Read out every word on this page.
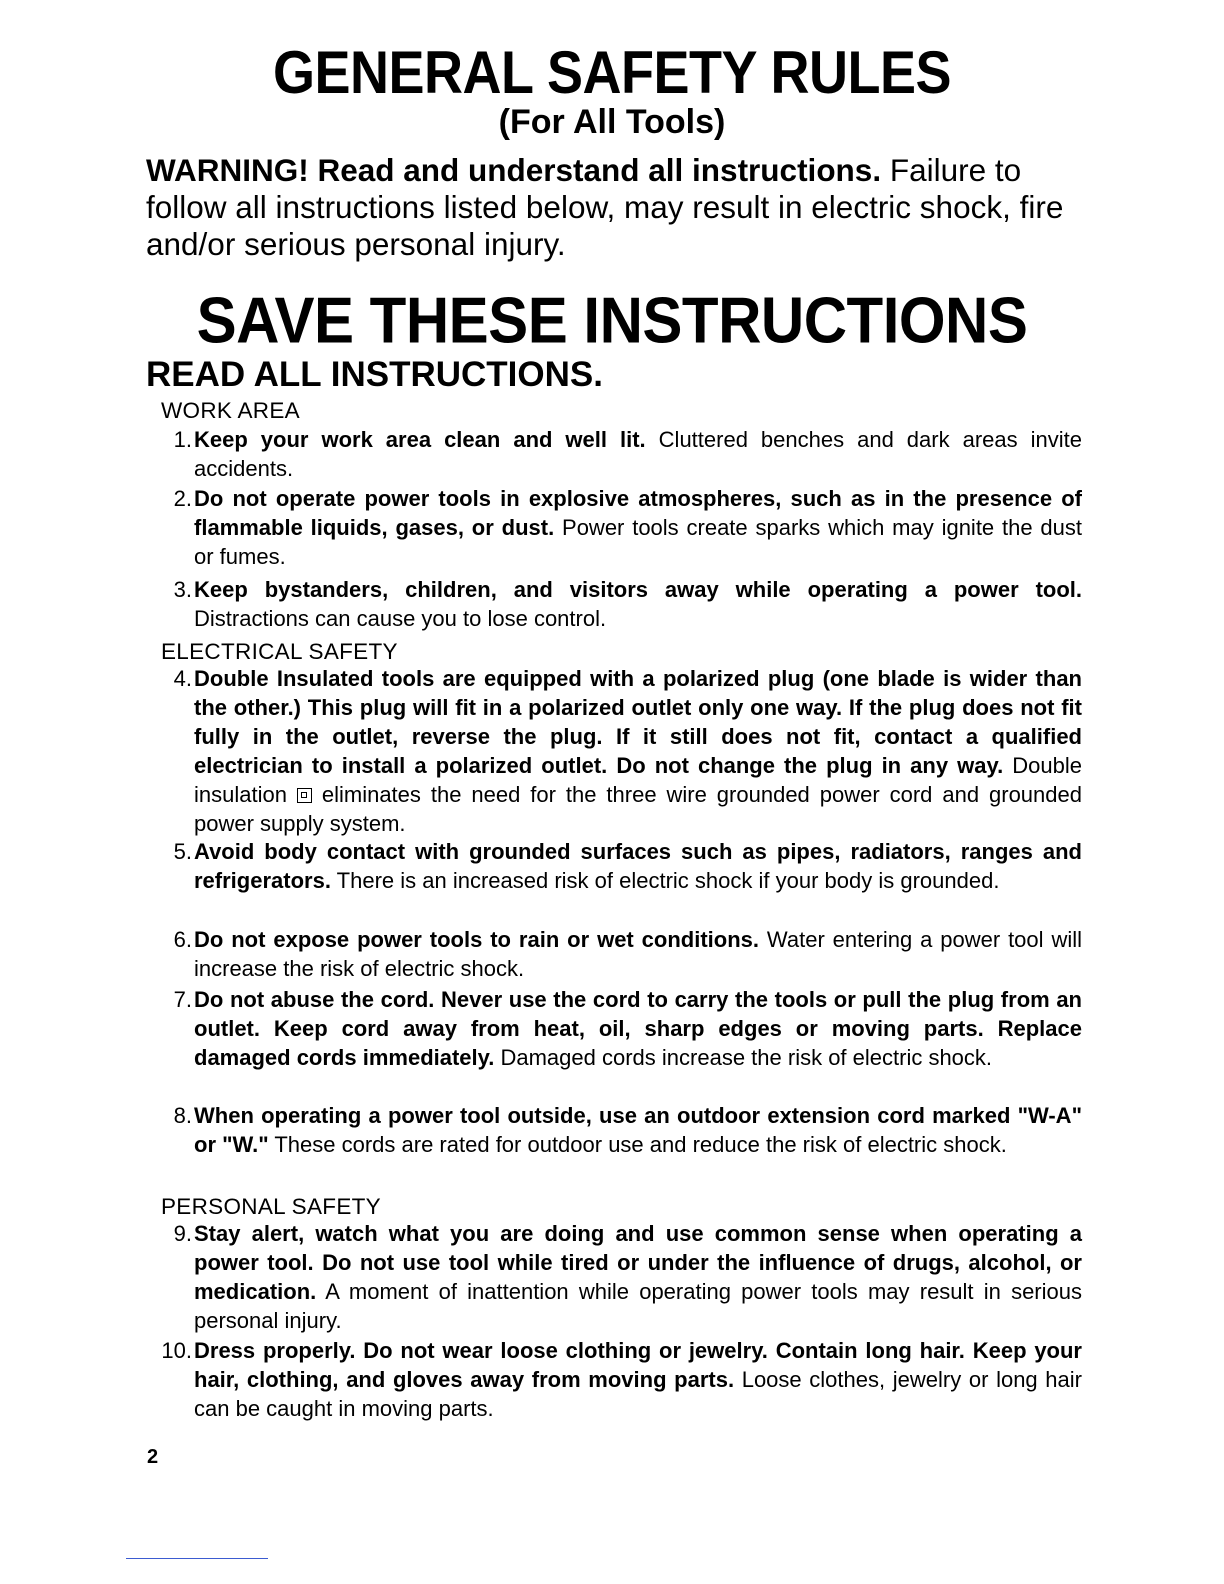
GENERAL SAFETY RULES
(For All Tools)
WARNING! Read and understand all instructions. Failure to follow all instructions listed below, may result in electric shock, fire and/or serious personal injury.
SAVE THESE INSTRUCTIONS
READ ALL INSTRUCTIONS.
WORK AREA
1. Keep your work area clean and well lit. Cluttered benches and dark areas invite accidents.
2. Do not operate power tools in explosive atmospheres, such as in the presence of flammable liquids, gases, or dust. Power tools create sparks which may ignite the dust or fumes.
3. Keep bystanders, children, and visitors away while operating a power tool. Distractions can cause you to lose control.
ELECTRICAL SAFETY
4. Double Insulated tools are equipped with a polarized plug (one blade is wider than the other.) This plug will fit in a polarized outlet only one way. If the plug does not fit fully in the outlet, reverse the plug. If it still does not fit, contact a qualified electrician to install a polarized outlet. Do not change the plug in any way. Double insulation  eliminates the need for the three wire grounded power cord and grounded power supply system.
5. Avoid body contact with grounded surfaces such as pipes, radiators, ranges and refrigerators. There is an increased risk of electric shock if your body is grounded.
6. Do not expose power tools to rain or wet conditions. Water entering a power tool will increase the risk of electric shock.
7. Do not abuse the cord. Never use the cord to carry the tools or pull the plug from an outlet. Keep cord away from heat, oil, sharp edges or moving parts. Replace damaged cords immediately. Damaged cords increase the risk of electric shock.
8. When operating a power tool outside, use an outdoor extension cord marked "W-A" or "W." These cords are rated for outdoor use and reduce the risk of electric shock.
PERSONAL SAFETY
9. Stay alert, watch what you are doing and use common sense when operating a power tool. Do not use tool while tired or under the influence of drugs, alcohol, or medication. A moment of inattention while operating power tools may result in serious personal injury.
10. Dress properly. Do not wear loose clothing or jewelry. Contain long hair. Keep your hair, clothing, and gloves away from moving parts. Loose clothes, jewelry or long hair can be caught in moving parts.
2
